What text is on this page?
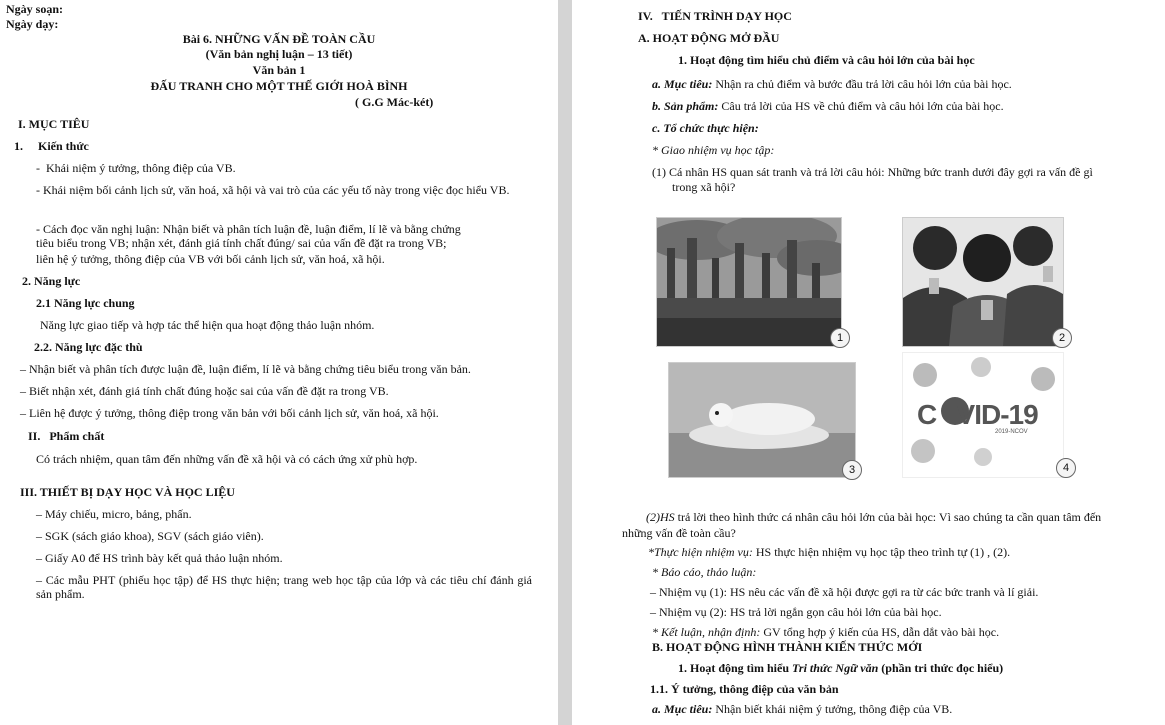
Ngày soạn:
Ngày dạy:
Bài 6. NHỮNG VẤN ĐỀ TOÀN CẦU
(Văn bản nghị luận – 13 tiết)
Văn bản 1
ĐẤU TRANH CHO MỘT THẾ GIỚI HOÀ BÌNH
( G.G Mác-két)
I. MỤC TIÊU
1.     Kiến thức
-  Khái niệm ý tưởng, thông điệp của VB.
- Khái niệm bối cảnh lịch sử, văn hoá, xã hội và vai trò của các yếu tố này trong việc đọc hiểu VB.
- Cách đọc văn nghị luận: Nhận biết và phân tích luận đề, luận điểm, lí lẽ và bằng chứng
tiêu biểu trong VB; nhận xét, đánh giá tính chất đúng/ sai của vấn đề đặt ra trong VB;
liên hệ ý tưởng, thông điệp của VB với bối cảnh lịch sử, văn hoá, xã hội.
2. Năng lực
2.1 Năng lực chung
Năng lực giao tiếp và hợp tác thể hiện qua hoạt động thảo luận nhóm.
2.2. Năng lực đặc thù
– Nhận biết và phân tích được luận đề, luận điểm, lí lẽ và bằng chứng tiêu biểu trong văn bản.
– Biết nhận xét, đánh giá tính chất đúng hoặc sai của vấn đề đặt ra trong VB.
– Liên hệ được ý tưởng, thông điệp trong văn bản với bối cảnh lịch sử, văn hoá, xã hội.
II.   Phẩm chất
Có trách nhiệm, quan tâm đến những vấn đề xã hội và có cách ứng xử phù hợp.
III. THIẾT BỊ DẠY HỌC VÀ HỌC LIỆU
– Máy chiếu, micro, bảng, phấn.
– SGK (sách giáo khoa), SGV (sách giáo viên).
– Giấy A0 để HS trình bày kết quả thảo luận nhóm.
– Các mẫu PHT (phiếu học tập) để HS thực hiện; trang web học tập của lớp và các tiêu chí đánh giá sản phẩm.
IV.   TIẾN TRÌNH DẠY HỌC
A. HOẠT ĐỘNG MỞ ĐẦU
1. Hoạt động tìm hiểu chủ điểm và câu hỏi lớn của bài học
a. Mục tiêu: Nhận ra chủ điểm và bước đầu trả lời câu hỏi lớn của bài học.
b. Sản phẩm: Câu trả lời của HS về chủ điểm và câu hỏi lớn của bài học.
c. Tổ chức thực hiện:
* Giao nhiệm vụ học tập:
(1) Cá nhân HS quan sát tranh và trả lời câu hỏi: Những bức tranh dưới đây gợi ra vấn đề gì
trong xã hội?
1	2
3
C   VID-19
2019-NCOV
4
(2)HS trả lời theo hình thức cá nhân câu hỏi lớn của bài học: Vì sao chúng ta cần quan tâm đến
những vấn đề toàn cầu?
*Thực hiện nhiệm vụ: HS thực hiện nhiệm vụ học tập theo trình tự (1) , (2).
* Báo cáo, thảo luận:
– Nhiệm vụ (1): HS nêu các vấn đề xã hội được gợi ra từ các bức tranh và lí giải.
– Nhiệm vụ (2): HS trả lời ngắn gọn câu hỏi lớn của bài học.
* Kết luận, nhận định: GV tổng hợp ý kiến của HS, dẫn dắt vào bài học.
B. HOẠT ĐỘNG HÌNH THÀNH KIẾN THỨC MỚI
1. Hoạt động tìm hiểu Tri thức Ngữ văn (phần tri thức đọc hiểu)
1.1. Ý tưởng, thông điệp của văn bản
a. Mục tiêu: Nhận biết khái niệm ý tưởng, thông điệp của VB.
